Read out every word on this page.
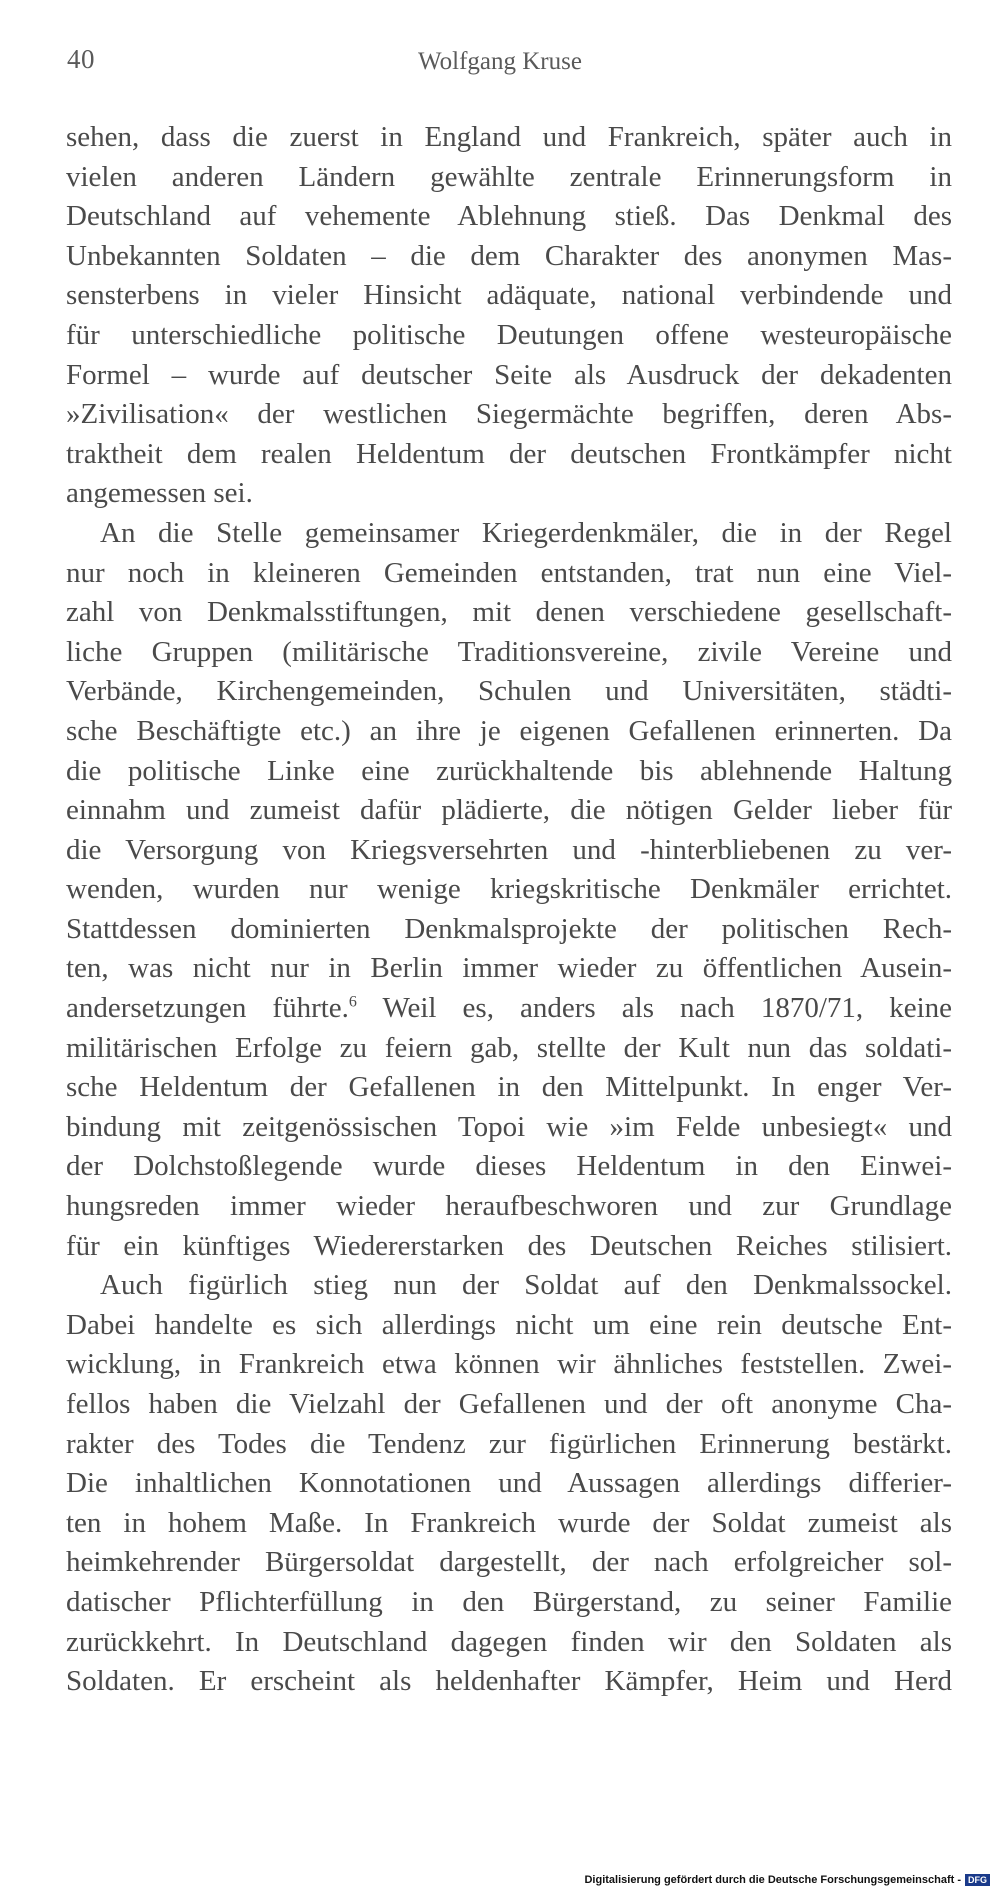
40	Wolfgang Kruse
sehen, dass die zuerst in England und Frankreich, später auch in
vielen anderen Ländern gewählte zentrale Erinnerungsform in
Deutschland auf vehemente Ablehnung stieß. Das Denkmal des
Unbekannten Soldaten – die dem Charakter des anonymen Mas-
sensterbens in vieler Hinsicht adäquate, national verbindende und
für unterschiedliche politische Deutungen offene westeuropäische
Formel – wurde auf deutscher Seite als Ausdruck der dekadenten
»Zivilisation« der westlichen Siegermächte begriffen, deren Abs-
traktheit dem realen Heldentum der deutschen Frontkämpfer nicht
angemessen sei.
An die Stelle gemeinsamer Kriegerdenkmäler, die in der Regel
nur noch in kleineren Gemeinden entstanden, trat nun eine Viel-
zahl von Denkmalsstiftungen, mit denen verschiedene gesellschaft-
liche Gruppen (militärische Traditionsvereine, zivile Vereine und
Verbände, Kirchengemeinden, Schulen und Universitäten, städti-
sche Beschäftigte etc.) an ihre je eigenen Gefallenen erinnerten. Da
die politische Linke eine zurückhaltende bis ablehnende Haltung
einnahm und zumeist dafür plädierte, die nötigen Gelder lieber für
die Versorgung von Kriegsversehrten und -hinterbliebenen zu ver-
wenden, wurden nur wenige kriegskritische Denkmäler errichtet.
Stattdessen dominierten Denkmalsprojekte der politischen Rech-
ten, was nicht nur in Berlin immer wieder zu öffentlichen Ausein-
andersetzungen führte.$^6$ Weil es, anders als nach 1870/71, keine
militärischen Erfolge zu feiern gab, stellte der Kult nun das soldati-
sche Heldentum der Gefallenen in den Mittelpunkt. In enger Ver-
bindung mit zeitgenössischen Topoi wie »im Felde unbesiegt« und
der Dolchstoßlegende wurde dieses Heldentum in den Einwei-
hungsreden immer wieder heraufbeschworen und zur Grundlage
für ein künftiges Wiedererstarken des Deutschen Reiches stilisiert.
Auch figürlich stieg nun der Soldat auf den Denkmalssockel.
Dabei handelte es sich allerdings nicht um eine rein deutsche Ent-
wicklung, in Frankreich etwa können wir ähnliches feststellen. Zwei-
fellos haben die Vielzahl der Gefallenen und der oft anonyme Cha-
rakter des Todes die Tendenz zur figürlichen Erinnerung bestärkt.
Die inhaltlichen Konnotationen und Aussagen allerdings differier-
ten in hohem Maße. In Frankreich wurde der Soldat zumeist als
heimkehrender Bürgersoldat dargestellt, der nach erfolgreicher sol-
datischer Pflichterfüllung in den Bürgerstand, zu seiner Familie
zurückkehrt. In Deutschland dagegen finden wir den Soldaten als
Soldaten. Er erscheint als heldenhafter Kämpfer, Heim und Herd
Digitalisierung gefördert durch die Deutsche Forschungsgemeinschaft - DFG
